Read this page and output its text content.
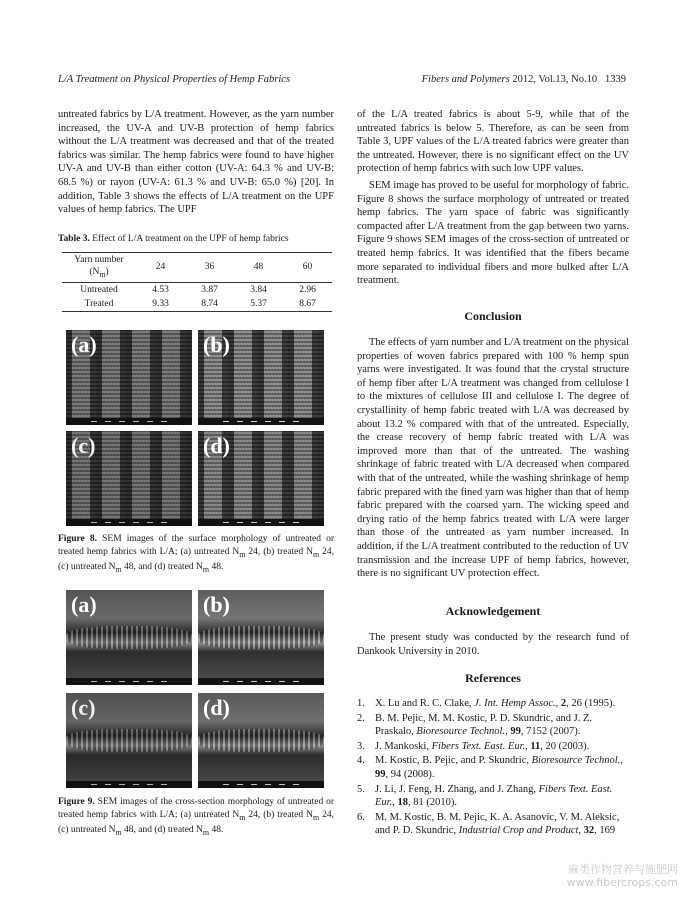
L/A Treatment on Physical Properties of Hemp Fabrics	Fibers and Polymers 2012, Vol.13, No.10 1339

untreated fabrics by L/A treatment. However, as the yarn number increased, the UV-A and UV-B protection of hemp fabrics without the L/A treatment was decreased and that of the treated fabrics was similar. The hemp fabrics were found to have higher UV-A and UV-B than either cotton (UV-A: 64.3 % and UV-B: 68.5 %) or rayon (UV-A: 61.3 % and UV-B: 65.0 %) [20]. In addition, Table 3 shows the effects of L/A treatment on the UPF values of hemp fabrics. The UPF

Table 3. Effect of L/A treatment on the UPF of hemp fabrics
Yarn number
$(N_m)$	24	36	48	60
Untreated	4.53	3.87	3.84	2.96
Treated	9.33	8.74	5.37	8.67
(a)	(b)
(c)	(d)
Figure 8. SEM images of the surface morphology of untreated or treated hemp fabrics with L/A; (a) untreated $N_m$ 24, (b) treated $N_m$ 24, (c) untreated $N_m$ 48, and (d) treated $N_m$ 48.
(a)	(b)
(c)	(d)
Figure 9. SEM images of the cross-section morphology of untreated or treated hemp fabrics with L/A; (a) untreated $N_m$ 24, (b) treated $N_m$ 24, (c) untreated $N_m$ 48, and (d) treated $N_m$ 48.

of the L/A treated fabrics is about 5-9, while that of the untreated fabrics is below 5. Therefore, as can be seen from Table 3, UPF values of the L/A treated fabrics were greater than the untreated. However, there is no significant effect on the UV protection of hemp fabrics with such low UPF values.

SEM image has proved to be useful for morphology of fabric. Figure 8 shows the surface morphology of untreated or treated hemp fabrics. The yarn space of fabric was significantly compacted after L/A treatment from the gap between two yarns. Figure 9 shows SEM images of the cross-section of untreated or treated hemp fabrics. It was identified that the fibers became more separated to individual fibers and more bulked after L/A treatment.

Conclusion
The effects of yarn number and L/A treatment on the physical properties of woven fabrics prepared with 100 % hemp spun yarns were investigated. It was found that the crystal structure of hemp fiber after L/A treatment was changed from cellulose I to the mixtures of cellulose III and cellulose I. The degree of crystallinity of hemp fabric treated with L/A was decreased by about 13.2 % compared with that of the untreated. Especially, the crease recovery of hemp fabric treated with L/A was improved more than that of the untreated. The washing shrinkage of fabric treated with L/A decreased when compared with that of the untreated, while the washing shrinkage of hemp fabric prepared with the fined yarn was higher than that of hemp fabric prepared with the coarsed yarn. The wicking speed and drying ratio of the hemp fabrics treated with L/A were larger than those of the untreated as yarn number increased. In addition, if the L/A treatment contributed to the reduction of UV transmission and the increase UPF of hemp fabrics, however, there is no significant UV protection effect.
Acknowledgement
The present study was conducted by the research fund of Dankook University in 2010.
References
1. X. Lu and R. C. Clake, J. Int. Hemp Assoc., 2, 26 (1995).
2. B. M. Pejic, M. M. Kostic, P. D. Skundric, and J. Z. Praskalo, Bioresource Technol., 99, 7152 (2007).
3. J. Mankoski, Fibers Text. East. Eur., 11, 20 (2003).
4. M. Kostic, B. Pejic, and P. Skundric, Bioresource Technol., 99, 94 (2008).
5. J. Li, J. Feng, H. Zhang, and J. Zhang, Fibers Text. East. Eur., 18, 81 (2010).
6. M. M. Kostic, B. M. Pejic, K. A. Asanovic, V. M. Aleksic, and P. D. Skundric, Industrial Crop and Product, 32, 169
麻类作物营养与施肥网
www.fibercrops.com
